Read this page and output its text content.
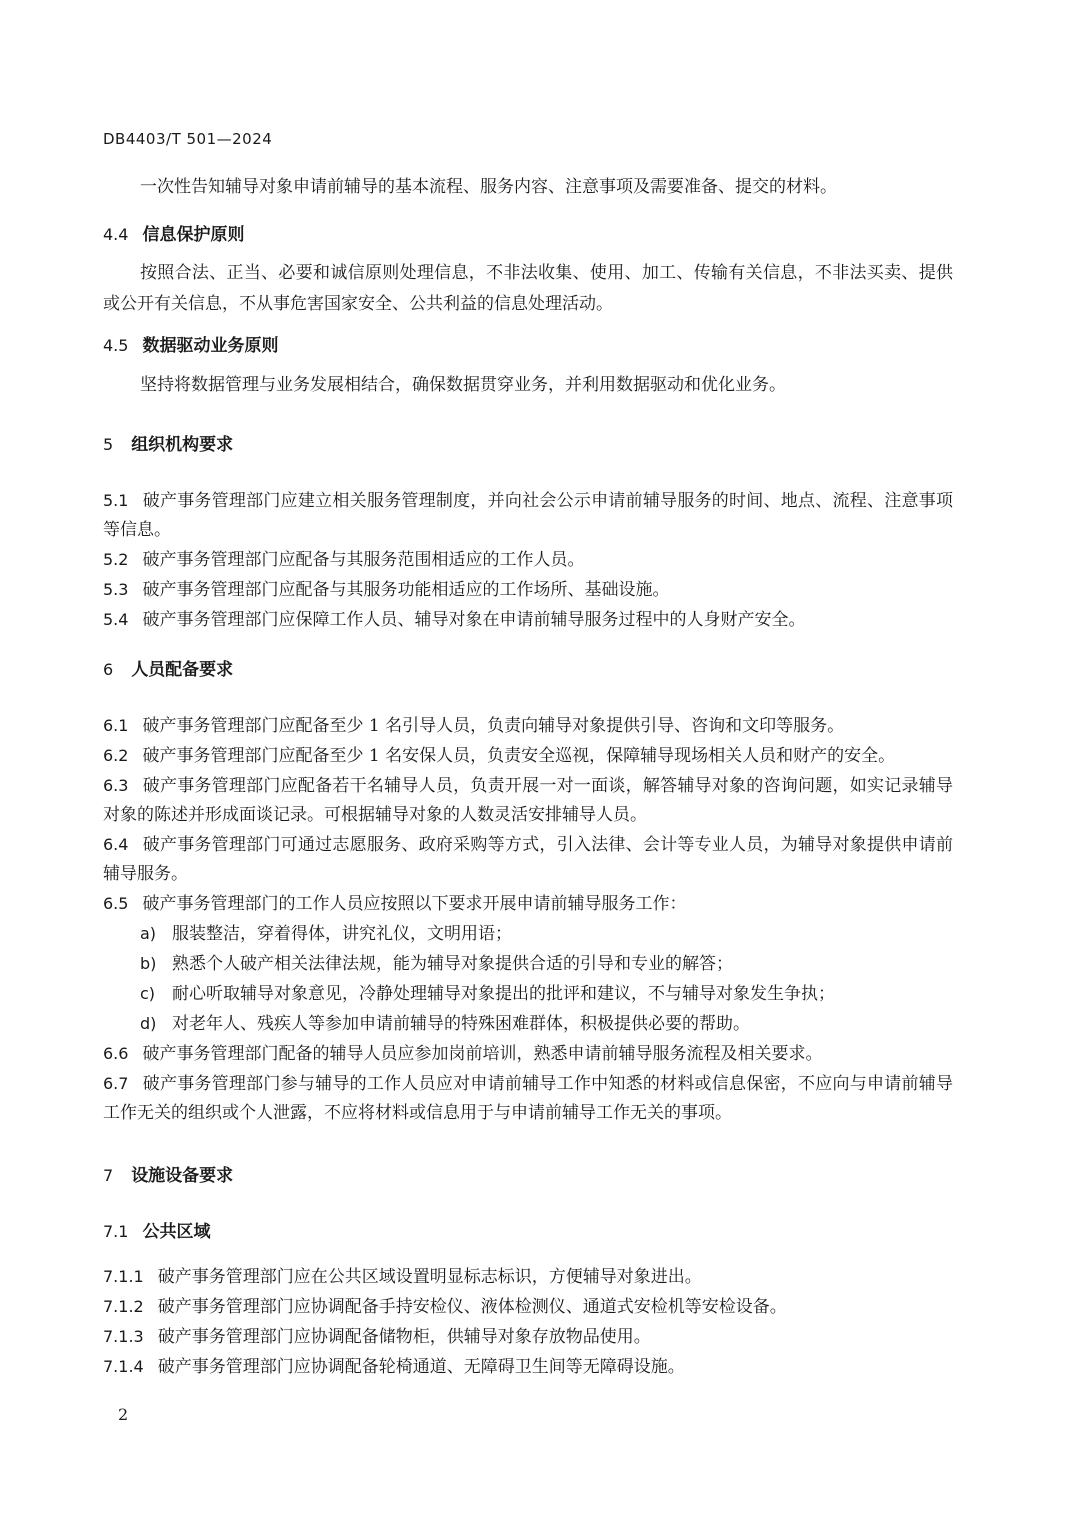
DB4403/T 501—2024

一次性告知辅导对象申请前辅导的基本流程、服务内容、注意事项及需要准备、提交的材料。

4.4 信息保护原则

按照合法、正当、必要和诚信原则处理信息，不非法收集、使用、加工、传输有关信息，不非法买卖、提供或公开有关信息，不从事危害国家安全、公共利益的信息处理活动。

4.5 数据驱动业务原则

坚持将数据管理与业务发展相结合，确保数据贯穿业务，并利用数据驱动和优化业务。

5 组织机构要求

5.1 破产事务管理部门应建立相关服务管理制度，并向社会公示申请前辅导服务的时间、地点、流程、注意事项等信息。

5.2 破产事务管理部门应配备与其服务范围相适应的工作人员。

5.3 破产事务管理部门应配备与其服务功能相适应的工作场所、基础设施。

5.4 破产事务管理部门应保障工作人员、辅导对象在申请前辅导服务过程中的人身财产安全。

6 人员配备要求

6.1 破产事务管理部门应配备至少 1 名引导人员，负责向辅导对象提供引导、咨询和文印等服务。

6.2 破产事务管理部门应配备至少 1 名安保人员，负责安全巡视，保障辅导现场相关人员和财产的安全。

6.3 破产事务管理部门应配备若干名辅导人员，负责开展一对一面谈，解答辅导对象的咨询问题，如实记录辅导对象的陈述并形成面谈记录。可根据辅导对象的人数灵活安排辅导人员。

6.4 破产事务管理部门可通过志愿服务、政府采购等方式，引入法律、会计等专业人员，为辅导对象提供申请前辅导服务。

6.5 破产事务管理部门的工作人员应按照以下要求开展申请前辅导服务工作：

a) 服装整洁，穿着得体，讲究礼仪，文明用语；

b) 熟悉个人破产相关法律法规，能为辅导对象提供合适的引导和专业的解答；

c) 耐心听取辅导对象意见，冷静处理辅导对象提出的批评和建议，不与辅导对象发生争执；

d) 对老年人、残疾人等参加申请前辅导的特殊困难群体，积极提供必要的帮助。

6.6 破产事务管理部门配备的辅导人员应参加岗前培训，熟悉申请前辅导服务流程及相关要求。

6.7 破产事务管理部门参与辅导的工作人员应对申请前辅导工作中知悉的材料或信息保密，不应向与申请前辅导工作无关的组织或个人泄露，不应将材料或信息用于与申请前辅导工作无关的事项。

7 设施设备要求

7.1 公共区域

7.1.1 破产事务管理部门应在公共区域设置明显标志标识，方便辅导对象进出。

7.1.2 破产事务管理部门应协调配备手持安检仪、液体检测仪、通道式安检机等安检设备。

7.1.3 破产事务管理部门应协调配备储物柜，供辅导对象存放物品使用。

7.1.4 破产事务管理部门应协调配备轮椅通道、无障碍卫生间等无障碍设施。

2
